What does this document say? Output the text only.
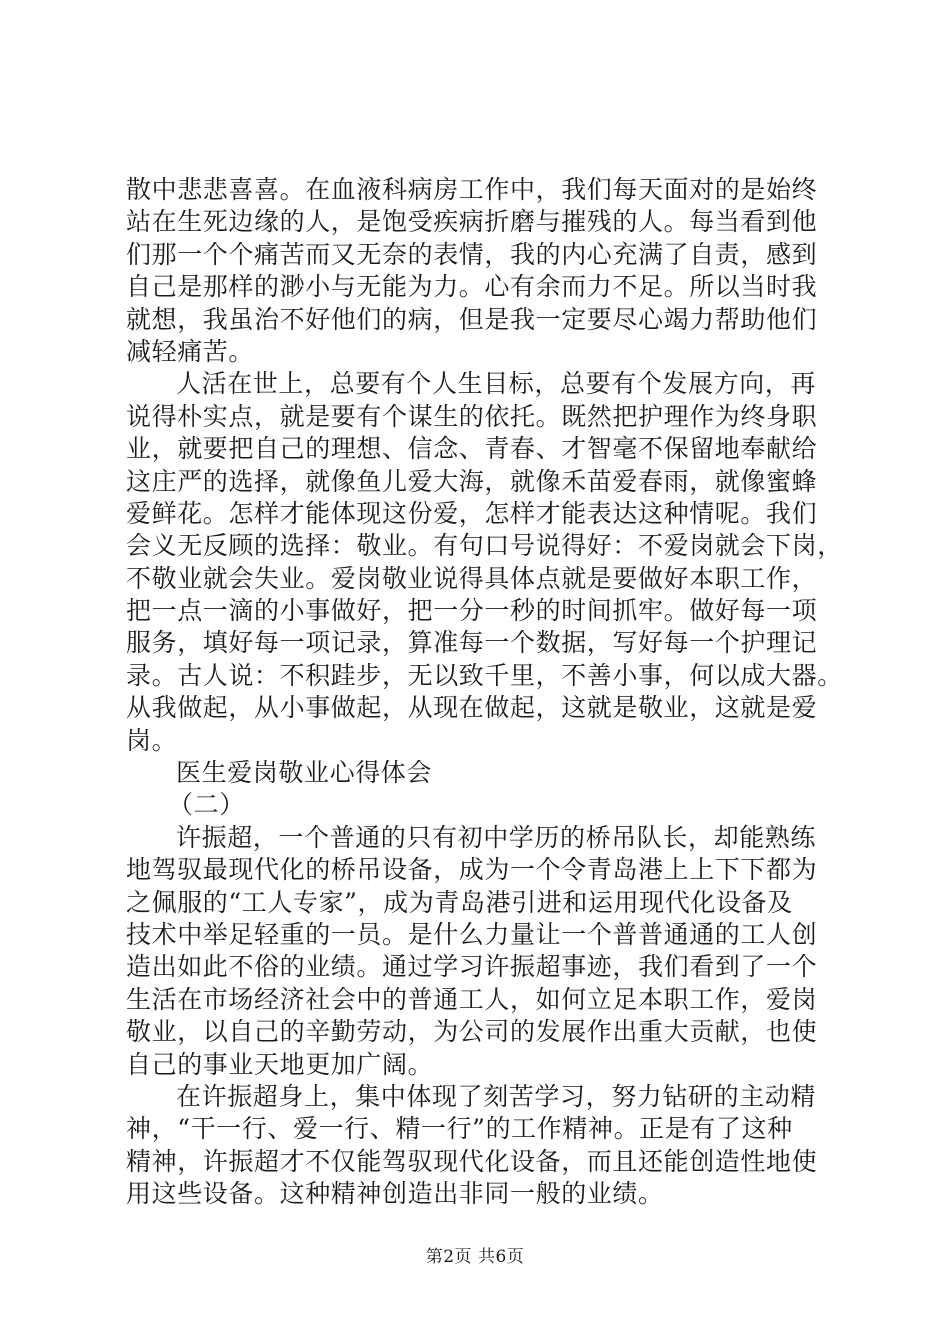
散中悲悲喜喜。在血液科病房工作中，我们每天面对的是始终
站在生死边缘的人，是饱受疾病折磨与摧残的人。每当看到他
们那一个个痛苦而又无奈的表情，我的内心充满了自责，感到
自己是那样的渺小与无能为力。心有余而力不足。所以当时我
就想，我虽治不好他们的病，但是我一定要尽心竭力帮助他们
减轻痛苦。
人活在世上，总要有个人生目标，总要有个发展方向，再
说得朴实点，就是要有个谋生的依托。既然把护理作为终身职
业，就要把自己的理想、信念、青春、才智毫不保留地奉献给
这庄严的选择，就像鱼儿爱大海，就像禾苗爱春雨，就像蜜蜂
爱鲜花。怎样才能体现这份爱，怎样才能表达这种情呢。我们
会义无反顾的选择：敬业。有句口号说得好：不爱岗就会下岗，
不敬业就会失业。爱岗敬业说得具体点就是要做好本职工作，
把一点一滴的小事做好，把一分一秒的时间抓牢。做好每一项
服务，填好每一项记录，算准每一个数据，写好每一个护理记
录。古人说：不积跬步，无以致千里，不善小事，何以成大器。
从我做起，从小事做起，从现在做起，这就是敬业，这就是爱
岗。
医生爱岗敬业心得体会
（二）
许振超，一个普通的只有初中学历的桥吊队长，却能熟练
地驾驭最现代化的桥吊设备，成为一个令青岛港上上下下都为
之佩服的“工人专家”，成为青岛港引进和运用现代化设备及
技术中举足轻重的一员。是什么力量让一个普普通通的工人创
造出如此不俗的业绩。通过学习许振超事迹，我们看到了一个
生活在市场经济社会中的普通工人，如何立足本职工作，爱岗
敬业，以自己的辛勤劳动，为公司的发展作出重大贡献，也使
自己的事业天地更加广阔。
在许振超身上，集中体现了刻苦学习，努力钻研的主动精
神，“干一行、爱一行、精一行”的工作精神。正是有了这种
精神，许振超才不仅能驾驭现代化设备，而且还能创造性地使
用这些设备。这种精神创造出非同一般的业绩。
第2页 共6页
